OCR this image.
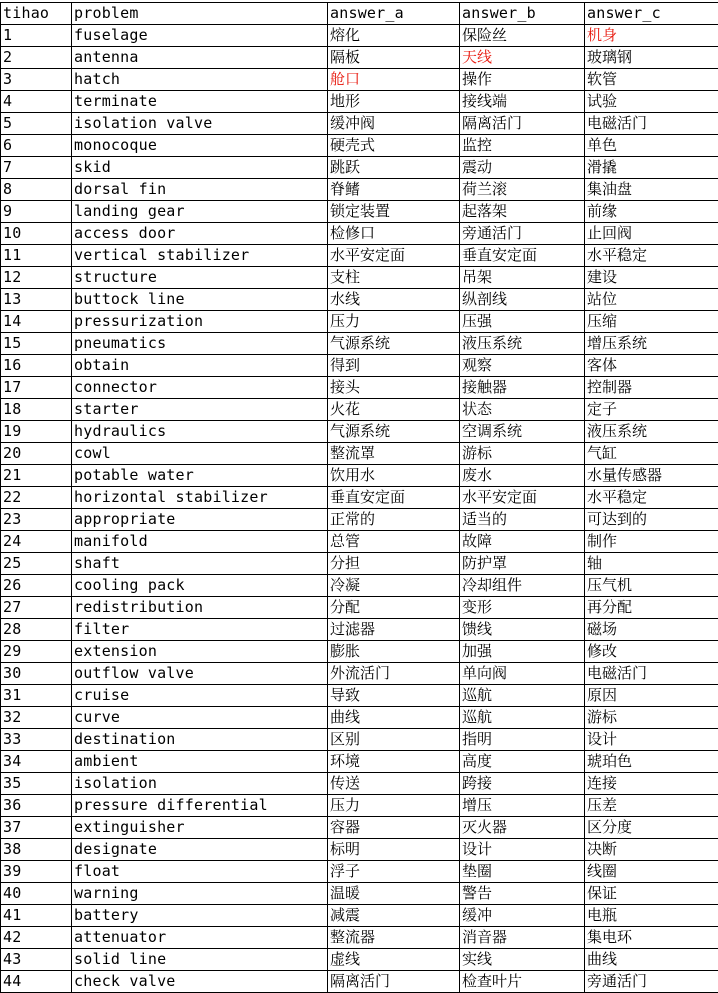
tihao	problem	answer_a	answer_b	answer_c
1	fuselage	熔化	保险丝	机身
2	antenna	隔板	天线	玻璃钢
3	hatch	舱口	操作	软管
4	terminate	地形	接线端	试验
5	isolation valve	缓冲阀	隔离活门	电磁活门
6	monocoque	硬壳式	监控	单色
7	skid	跳跃	震动	滑撬
8	dorsal fin	脊鳍	荷兰滚	集油盘
9	landing gear	锁定装置	起落架	前缘
10	access door	检修口	旁通活门	止回阀
11	vertical stabilizer	水平安定面	垂直安定面	水平稳定
12	structure	支柱	吊架	建设
13	buttock line	水线	纵剖线	站位
14	pressurization	压力	压强	压缩
15	pneumatics	气源系统	液压系统	增压系统
16	obtain	得到	观察	客体
17	connector	接头	接触器	控制器
18	starter	火花	状态	定子
19	hydraulics	气源系统	空调系统	液压系统
20	cowl	整流罩	游标	气缸
21	potable water	饮用水	废水	水量传感器
22	horizontal stabilizer	垂直安定面	水平安定面	水平稳定
23	appropriate	正常的	适当的	可达到的
24	manifold	总管	故障	制作
25	shaft	分担	防护罩	轴
26	cooling pack	冷凝	冷却组件	压气机
27	redistribution	分配	变形	再分配
28	filter	过滤器	馈线	磁场
29	extension	膨胀	加强	修改
30	outflow valve	外流活门	单向阀	电磁活门
31	cruise	导致	巡航	原因
32	curve	曲线	巡航	游标
33	destination	区别	指明	设计
34	ambient	环境	高度	琥珀色
35	isolation	传送	跨接	连接
36	pressure differential	压力	增压	压差
37	extinguisher	容器	灭火器	区分度
38	designate	标明	设计	决断
39	float	浮子	垫圈	线圈
40	warning	温暖	警告	保证
41	battery	减震	缓冲	电瓶
42	attenuator	整流器	消音器	集电环
43	solid line	虚线	实线	曲线
44	check valve	隔离活门	检查叶片	旁通活门
